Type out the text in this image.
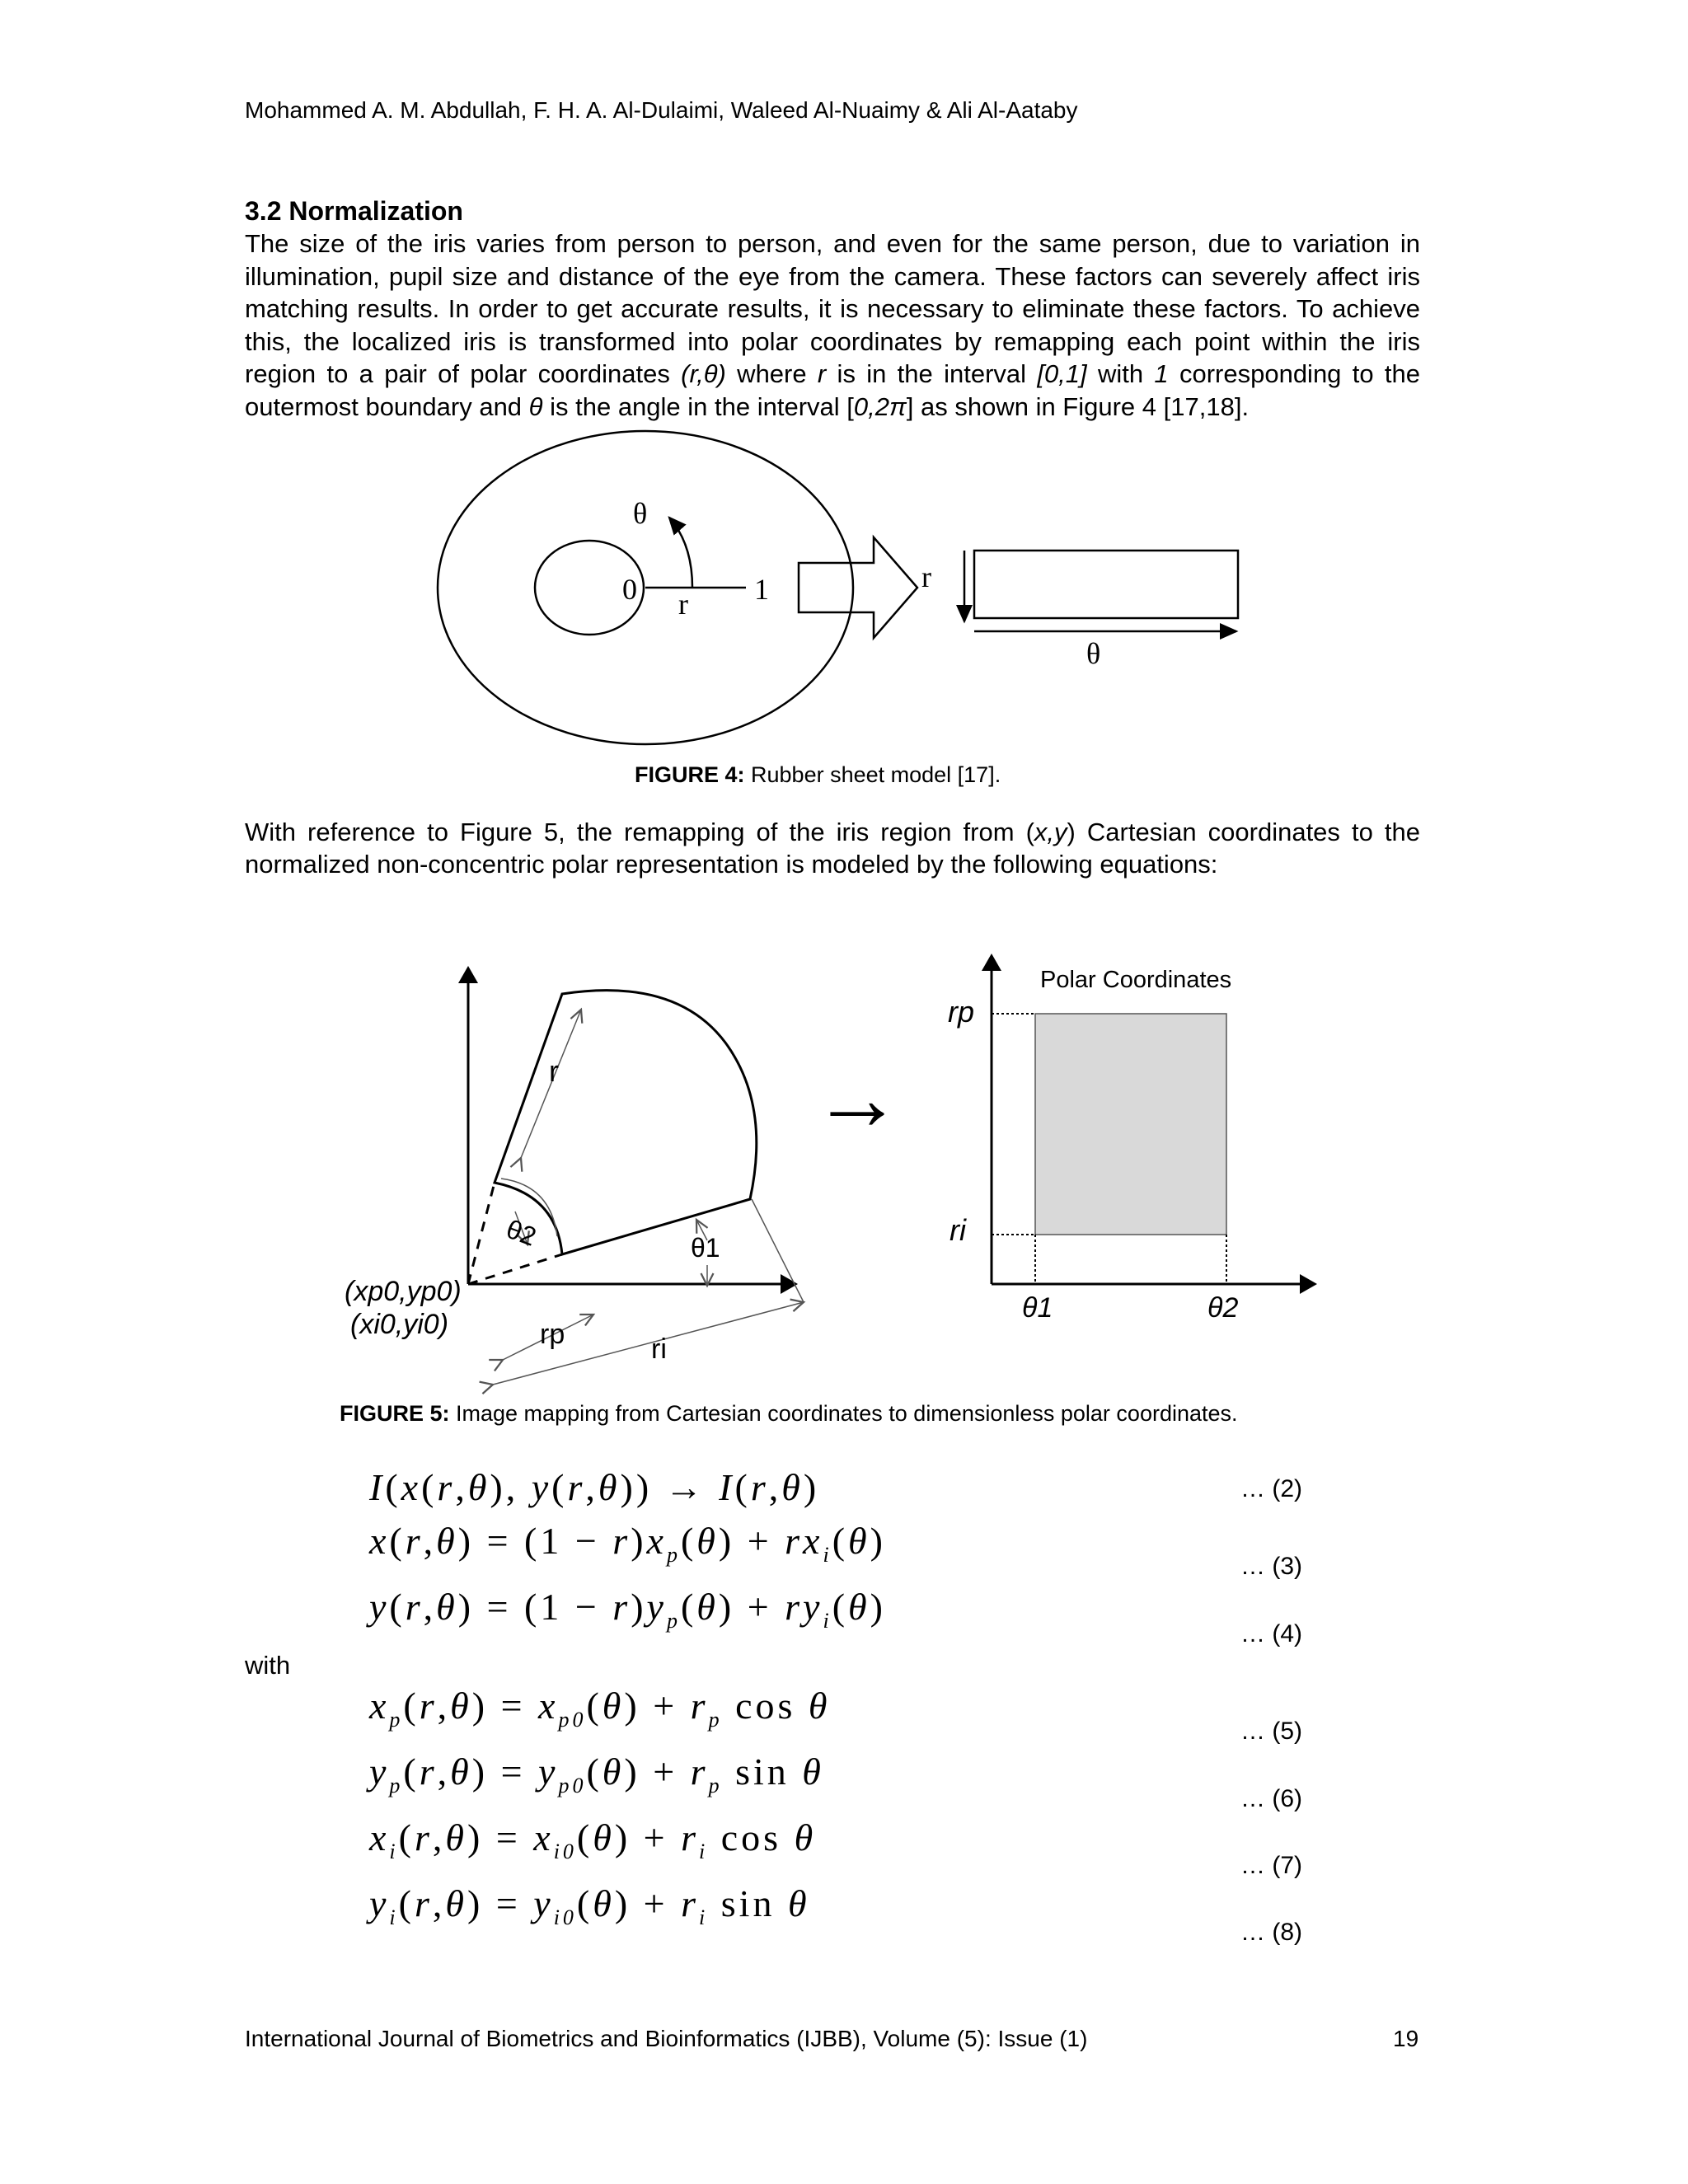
Mohammed A. M. Abdullah, F. H. A. Al-Dulaimi, Waleed Al-Nuaimy & Ali Al-Aataby
3.2 Normalization
The size of the iris varies from person to person, and even for the same person, due to variation in illumination, pupil size and distance of the eye from the camera. These factors can severely affect iris matching results. In order to get accurate results, it is necessary to eliminate these factors. To achieve this, the localized iris is transformed into polar coordinates by remapping each point within the iris region to a pair of polar coordinates (r,θ) where r is in the interval [0,1] with 1 corresponding to the outermost boundary and θ is the angle in the interval [0,2π] as shown in Figure 4 [17,18].
θ
0 r 1	r
θ
FIGURE 4: Rubber sheet model [17].
With reference to Figure 5, the remapping of the iris region from (x,y) Cartesian coordinates to the normalized non-concentric polar representation is modeled by the following equations:
θ2
r
θ1
rp	ri
(xp0,yp0)
(xi0,yi0)
→
Polar Coordinates
rp
ri
θ1	θ2
FIGURE 5: Image mapping from Cartesian coordinates to dimensionless polar coordinates.
I(x(r,θ), y(r,θ)) → I(r,θ)	… (2)
$x(r,\theta) = (1 - r)x_p(\theta) + rx_i(\theta)$
… (3)
$y(r,\theta) = (1 - r)y_p(\theta) + ry_i(\theta)$
… (4)
with
$x_p(r,\theta) = x_{p0}(\theta) + r_p$ cos θ
… (5)
$y_p(r,\theta) = y_{p0}(\theta) + r_p$ sin θ
… (6)
$x_i(r,\theta) = x_{i0}(\theta) + r_i$ cos θ
… (7)
$y_i(r,\theta) = y_{i0}(\theta) + r_i$ sin θ
… (8)
International Journal of Biometrics and Bioinformatics (IJBB), Volume (5): Issue (1)	19
